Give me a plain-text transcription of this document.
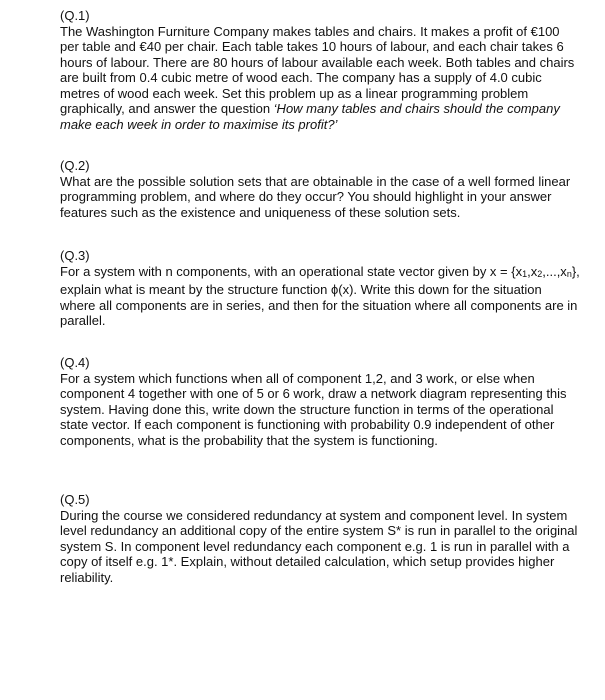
(Q.1)

The Washington Furniture Company makes tables and chairs. It makes a profit of €100 per table and €40 per chair. Each table takes 10 hours of labour, and each chair takes 6 hours of labour. There are 80 hours of labour available each week. Both tables and chairs are built from 0.4 cubic metre of wood each. The company has a supply of 4.0 cubic metres of wood each week. Set this problem up as a linear programming problem graphically, and answer the question ‘How many tables and chairs should the company make each week in order to maximise its profit?’

(Q.2)

What are the possible solution sets that are obtainable in the case of a well formed linear programming problem, and where do they occur? You should highlight in your answer features such as the existence and uniqueness of these solution sets.

(Q.3)

For a system with n components, with an operational state vector given by x = {x1,x2,...,xn}, explain what is meant by the structure function ϕ(x). Write this down for the situation where all components are in series, and then for the situation where all components are in parallel.

(Q.4)

For a system which functions when all of component 1,2, and 3 work, or else when component 4 together with one of 5 or 6 work, draw a network diagram representing this system. Having done this, write down the structure function in terms of the operational state vector. If each component is functioning with probability 0.9 independent of other components, what is the probability that the system is functioning.

(Q.5)

During the course we considered redundancy at system and component level. In system level redundancy an additional copy of the entire system S* is run in parallel to the original system S. In component level redundancy each component e.g. 1 is run in parallel with a copy of itself e.g. 1*. Explain, without detailed calculation, which setup provides higher reliability.
